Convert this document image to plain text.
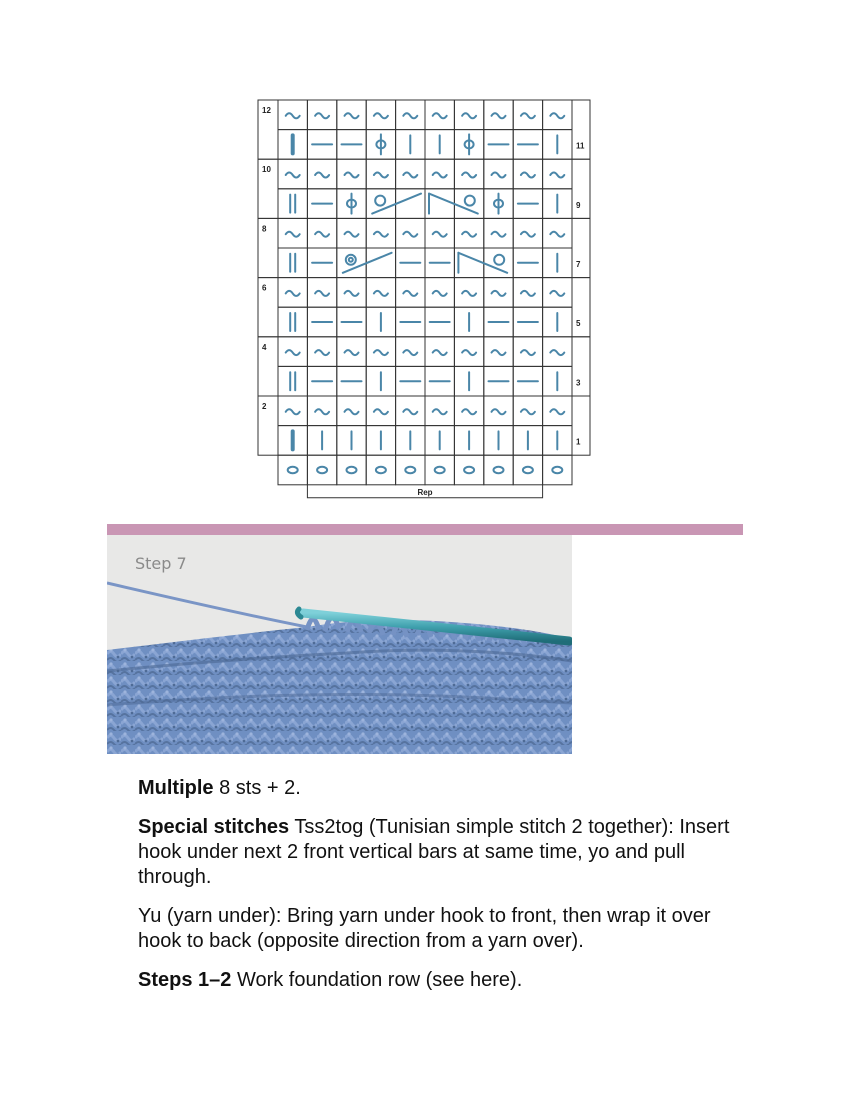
12
10
8
6
4
2
11
9
7
5
3
1
Rep
Step 7

Multiple 8 sts + 2.

Special stitches Tss2tog (Tunisian simple stitch 2 together): Insert hook under next 2 front vertical bars at same time, yo and pull through.

Yu (yarn under): Bring yarn under hook to front, then wrap it over hook to back (opposite direction from a yarn over).

Steps 1–2 Work foundation row (see here).
